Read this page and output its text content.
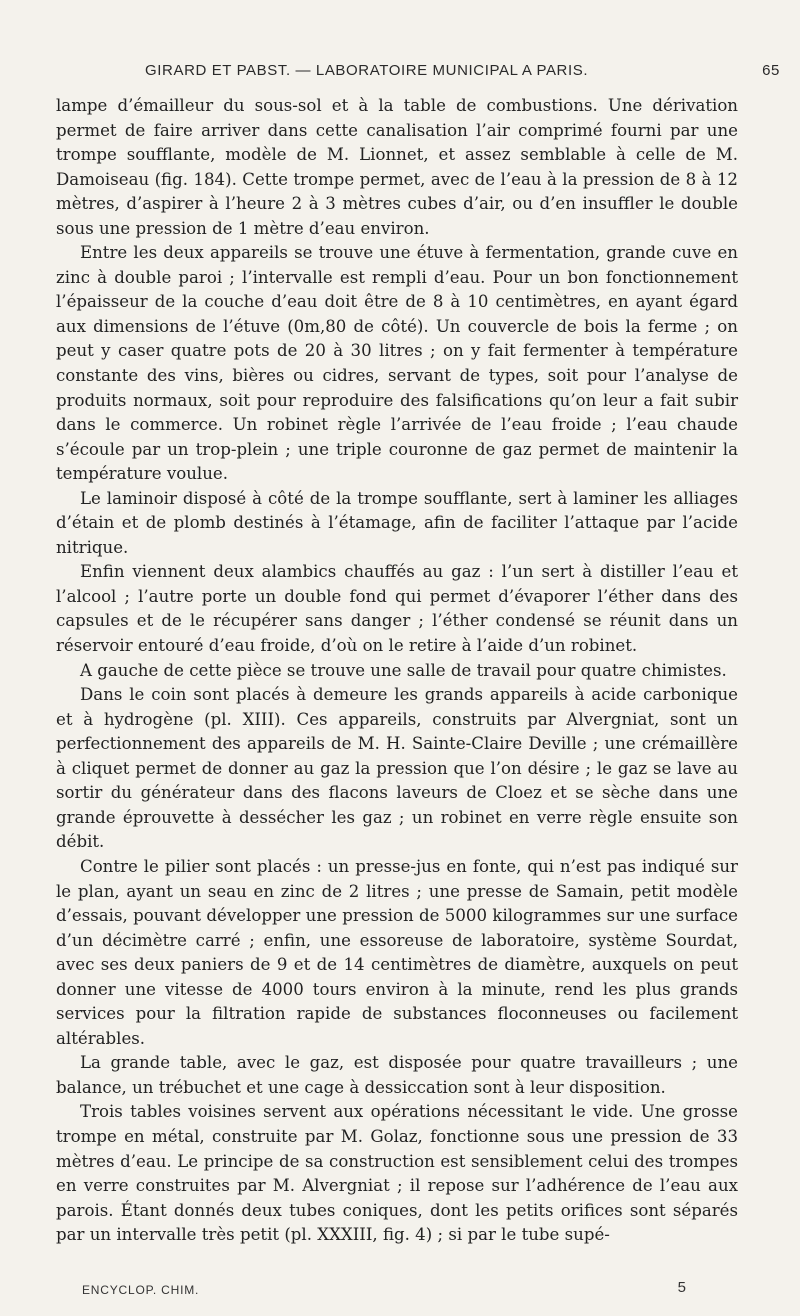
GIRARD ET PABST. — LABORATOIRE MUNICIPAL A PARIS.	65

lampe d’émailleur du sous-sol et à la table de combustions. Une dérivation permet de faire arriver dans cette canalisation l’air comprimé fourni par une trompe soufflante, modèle de M. Lionnet, et assez semblable à celle de M. Damoiseau (fig. 184). Cette trompe permet, avec de l’eau à la pression de 8 à 12 mètres, d’aspirer à l’heure 2 à 3 mètres cubes d’air, ou d’en insuffler le double sous une pression de 1 mètre d’eau environ.

Entre les deux appareils se trouve une étuve à fermentation, grande cuve en zinc à double paroi ; l’intervalle est rempli d’eau. Pour un bon fonctionnement l’épaisseur de la couche d’eau doit être de 8 à 10 centimètres, en ayant égard aux dimensions de l’étuve (0m,80 de côté). Un couvercle de bois la ferme ; on peut y caser quatre pots de 20 à 30 litres ; on y fait fermenter à température constante des vins, bières ou cidres, servant de types, soit pour l’analyse de produits normaux, soit pour reproduire des falsifications qu’on leur a fait subir dans le commerce. Un robinet règle l’arrivée de l’eau froide ; l’eau chaude s’écoule par un trop-plein ; une triple couronne de gaz permet de maintenir la température voulue.

Le laminoir disposé à côté de la trompe soufflante, sert à laminer les alliages d’étain et de plomb destinés à l’étamage, afin de faciliter l’attaque par l’acide nitrique.

Enfin viennent deux alambics chauffés au gaz : l’un sert à distiller l’eau et l’alcool ; l’autre porte un double fond qui permet d’évaporer l’éther dans des capsules et de le récupérer sans danger ; l’éther condensé se réunit dans un réservoir entouré d’eau froide, d’où on le retire à l’aide d’un robinet.

A gauche de cette pièce se trouve une salle de travail pour quatre chimistes.

Dans le coin sont placés à demeure les grands appareils à acide carbonique et à hydrogène (pl. XIII). Ces appareils, construits par Alvergniat, sont un perfectionnement des appareils de M. H. Sainte-Claire Deville ; une crémaillère à cliquet permet de donner au gaz la pression que l’on désire ; le gaz se lave au sortir du générateur dans des flacons laveurs de Cloez et se sèche dans une grande éprouvette à dessécher les gaz ; un robinet en verre règle ensuite son débit.

Contre le pilier sont placés : un presse-jus en fonte, qui n’est pas indiqué sur le plan, ayant un seau en zinc de 2 litres ; une presse de Samain, petit modèle d’essais, pouvant développer une pression de 5000 kilogrammes sur une surface d’un décimètre carré ; enfin, une essoreuse de laboratoire, système Sourdat, avec ses deux paniers de 9 et de 14 centimètres de diamètre, auxquels on peut donner une vitesse de 4000 tours environ à la minute, rend les plus grands services pour la filtration rapide de substances floconneuses ou facilement altérables.

La grande table, avec le gaz, est disposée pour quatre travailleurs ; une balance, un trébuchet et une cage à dessiccation sont à leur disposition.

Trois tables voisines servent aux opérations nécessitant le vide. Une grosse trompe en métal, construite par M. Golaz, fonctionne sous une pression de 33 mètres d’eau. Le principe de sa construction est sensiblement celui des trompes en verre construites par M. Alvergniat ; il repose sur l’adhérence de l’eau aux parois. Étant donnés deux tubes coniques, dont les petits orifices sont séparés par un intervalle très petit (pl. XXXIII, fig. 4) ; si par le tube supé-

ENCYCLOP. CHIM.	5
